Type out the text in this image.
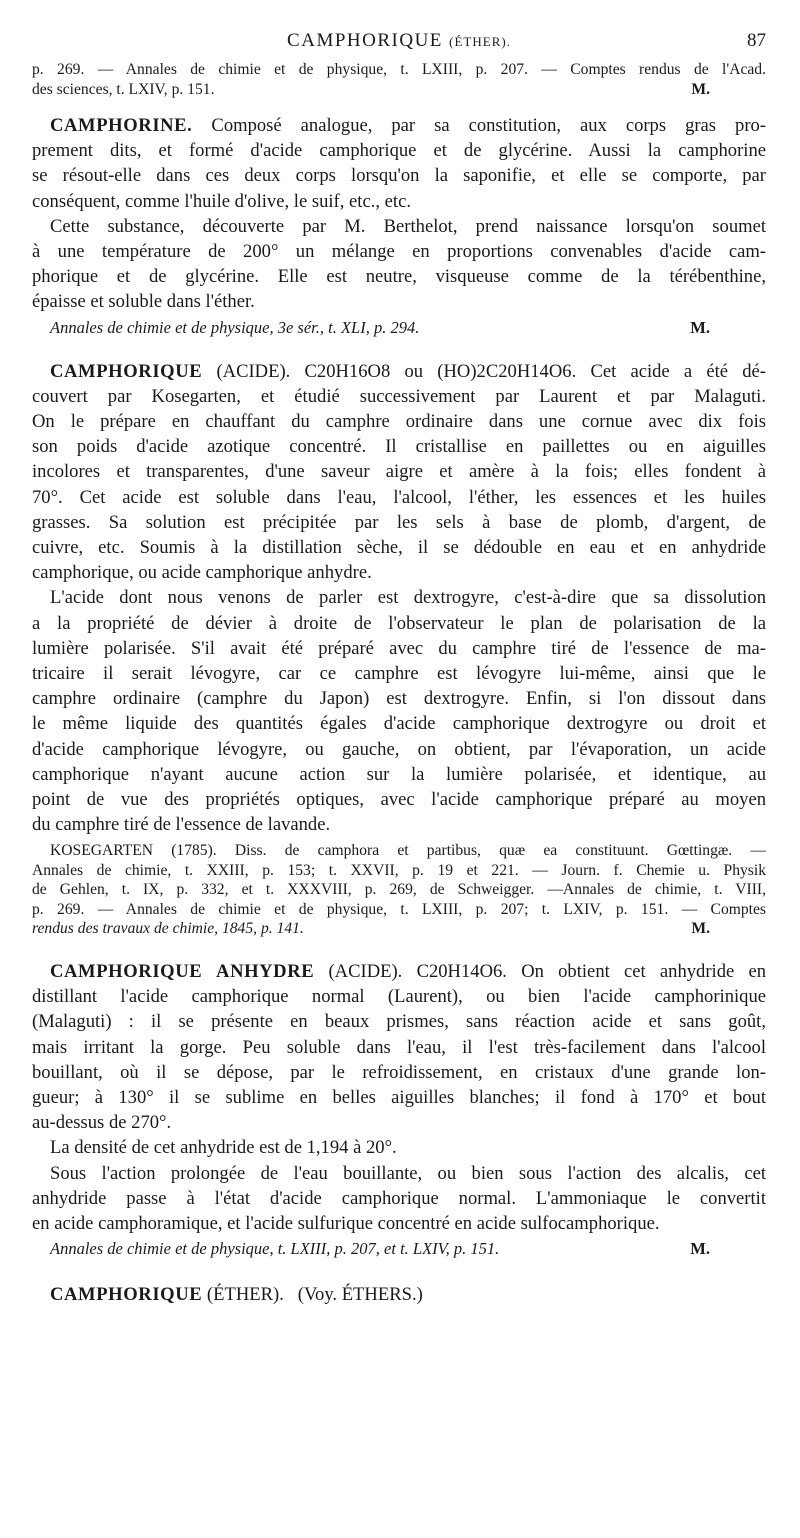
CAMPHORIQUE (ÉTHER).	87
p. 269. — Annales de chimie et de physique, t. LXIII, p. 207. — Comptes rendus de l'Acad.
des sciences, t. LXIV, p. 151.	M.
CAMPHORINE. Composé analogue, par sa constitution, aux corps gras pro-
prement dits, et formé d'acide camphorique et de glycérine. Aussi la camphorine
se résout-elle dans ces deux corps lorsqu'on la saponifie, et elle se comporte, par
conséquent, comme l'huile d'olive, le suif, etc., etc.
Cette substance, découverte par M. Berthelot, prend naissance lorsqu'on soumet
à une température de 200° un mélange en proportions convenables d'acide cam-
phorique et de glycérine. Elle est neutre, visqueuse comme de la térébenthine,
épaisse et soluble dans l'éther.
Annales de chimie et de physique, 3e sér., t. XLI, p. 294.	M.
CAMPHORIQUE (ACIDE). C20H16O8 ou (HO)2C20H14O6. Cet acide a été dé-
couvert par Kosegarten, et étudié successivement par Laurent et par Malaguti.
On le prépare en chauffant du camphre ordinaire dans une cornue avec dix fois
son poids d'acide azotique concentré. Il cristallise en paillettes ou en aiguilles
incolores et transparentes, d'une saveur aigre et amère à la fois; elles fondent à
70°. Cet acide est soluble dans l'eau, l'alcool, l'éther, les essences et les huiles
grasses. Sa solution est précipitée par les sels à base de plomb, d'argent, de
cuivre, etc. Soumis à la distillation sèche, il se dédouble en eau et en anhydride
camphorique, ou acide camphorique anhydre.
L'acide dont nous venons de parler est dextrogyre, c'est-à-dire que sa dissolution
a la propriété de dévier à droite de l'observateur le plan de polarisation de la
lumière polarisée. S'il avait été préparé avec du camphre tiré de l'essence de ma-
tricaire il serait lévogyre, car ce camphre est lévogyre lui-même, ainsi que le
camphre ordinaire (camphre du Japon) est dextrogyre. Enfin, si l'on dissout dans
le même liquide des quantités égales d'acide camphorique dextrogyre ou droit et
d'acide camphorique lévogyre, ou gauche, on obtient, par l'évaporation, un acide
camphorique n'ayant aucune action sur la lumière polarisée, et identique, au
point de vue des propriétés optiques, avec l'acide camphorique préparé au moyen
du camphre tiré de l'essence de lavande.
KOSEGARTEN (1785). Diss. de camphora et partibus, quæ ea constituunt. Gœttingæ. —
Annales de chimie, t. XXIII, p. 153; t. XXVII, p. 19 et 221. — Journ. f. Chemie u. Physik
de Gehlen, t. IX, p. 332, et t. XXXVIII, p. 269, de Schweigger. —Annales de chimie, t. VIII,
p. 269. — Annales de chimie et de physique, t. LXIII, p. 207; t. LXIV, p. 151. — Comptes
rendus des travaux de chimie, 1845, p. 141.	M.
CAMPHORIQUE ANHYDRE (ACIDE). C20H14O6. On obtient cet anhydride en
distillant l'acide camphorique normal (Laurent), ou bien l'acide camphorinique
(Malaguti) : il se présente en beaux prismes, sans réaction acide et sans goût,
mais irritant la gorge. Peu soluble dans l'eau, il l'est très-facilement dans l'alcool
bouillant, où il se dépose, par le refroidissement, en cristaux d'une grande lon-
gueur; à 130° il se sublime en belles aiguilles blanches; il fond à 170° et bout
au-dessus de 270°.
La densité de cet anhydride est de 1,194 à 20°.
Sous l'action prolongée de l'eau bouillante, ou bien sous l'action des alcalis, cet
anhydride passe à l'état d'acide camphorique normal. L'ammoniaque le convertit
en acide camphoramique, et l'acide sulfurique concentré en acide sulfocamphorique.
Annales de chimie et de physique, t. LXIII, p. 207, et t. LXIV, p. 151.	M.
CAMPHORIQUE (ÉTHER). (Voy. ÉTHERS.)
